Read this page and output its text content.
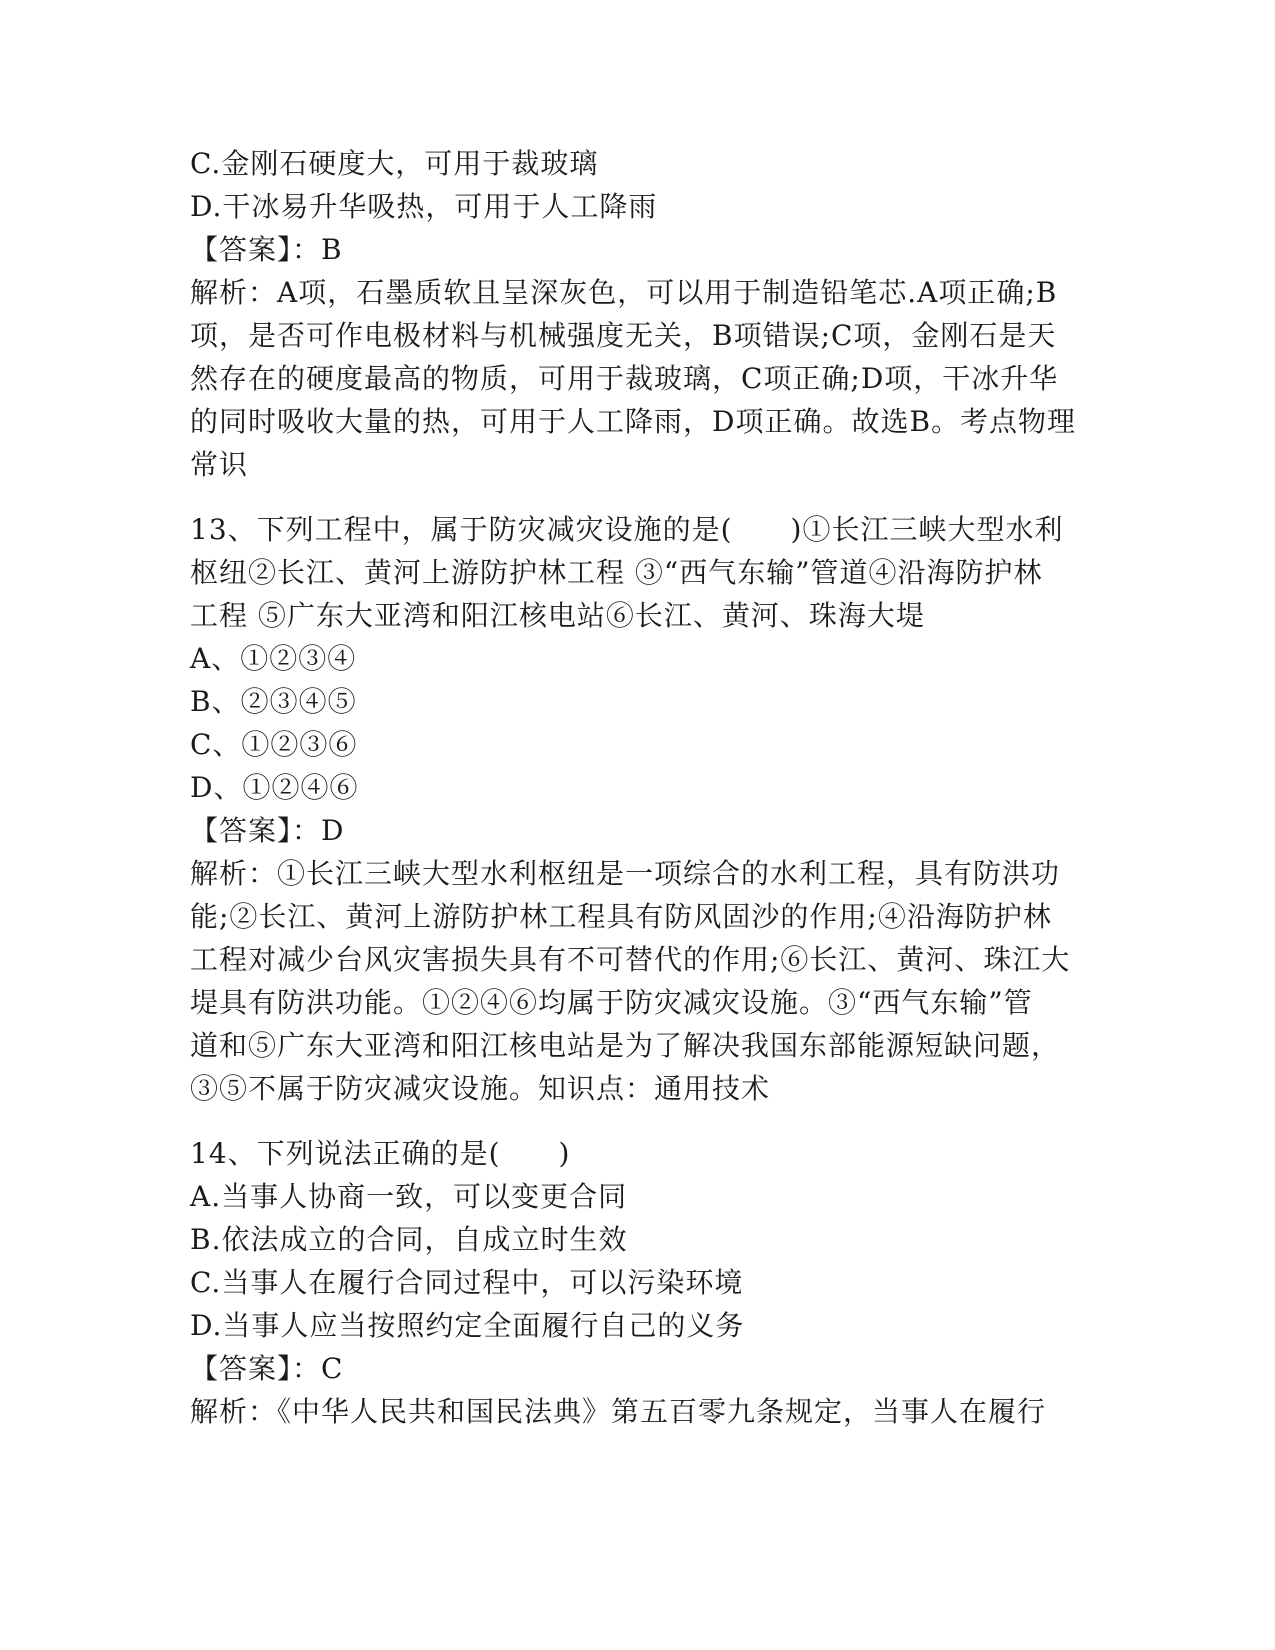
C.金刚石硬度大，可用于裁玻璃

D.干冰易升华吸热，可用于人工降雨

【答案】：B

解析：A项，石墨质软且呈深灰色，可以用于制造铅笔芯.A项正确;B

项，是否可作电极材料与机械强度无关，B项错误;C项，金刚石是天

然存在的硬度最高的物质，可用于裁玻璃，C项正确;D项，干冰升华

的同时吸收大量的热，可用于人工降雨，D项正确。故选B。考点物理

常识

13、下列工程中，属于防灾减灾设施的是(　　)①长江三峡大型水利

枢纽②长江、黄河上游防护林工程 ③“西气东输”管道④沿海防护林

工程 ⑤广东大亚湾和阳江核电站⑥长江、黄河、珠海大堤

A、①②③④

B、②③④⑤

C、①②③⑥

D、①②④⑥

【答案】：D

解析：①长江三峡大型水利枢纽是一项综合的水利工程，具有防洪功

能;②长江、黄河上游防护林工程具有防风固沙的作用;④沿海防护林

工程对减少台风灾害损失具有不可替代的作用;⑥长江、黄河、珠江大

堤具有防洪功能。①②④⑥均属于防灾减灾设施。③“西气东输”管

道和⑤广东大亚湾和阳江核电站是为了解决我国东部能源短缺问题，

③⑤不属于防灾减灾设施。知识点：通用技术

14、下列说法正确的是(　　)

A.当事人协商一致，可以变更合同

B.依法成立的合同，自成立时生效

C.当事人在履行合同过程中，可以污染环境

D.当事人应当按照约定全面履行自己的义务

【答案】：C

解析：《中华人民共和国民法典》第五百零九条规定，当事人在履行
